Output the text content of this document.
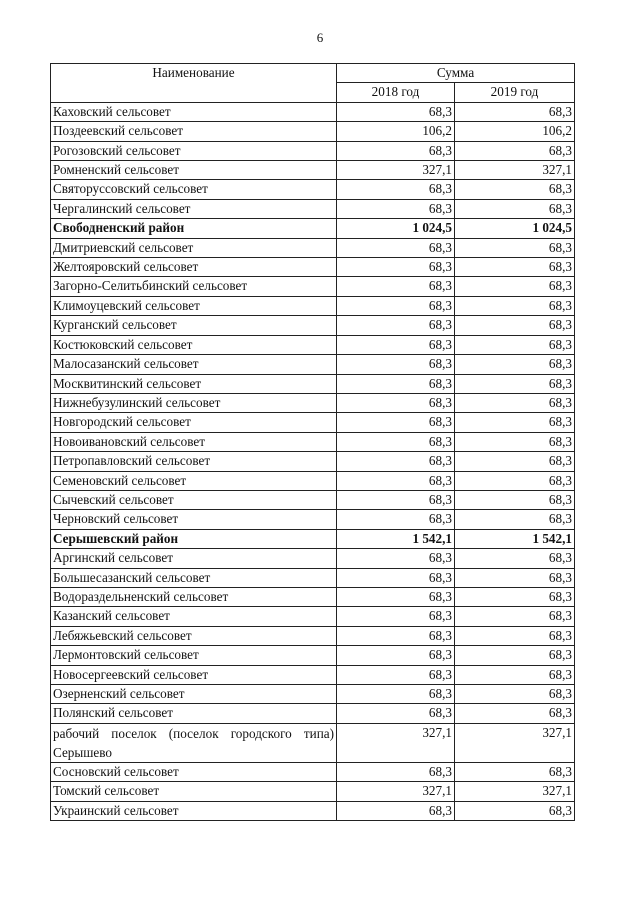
6
Наименование	Сумма	
	2018 год	2019 год
Каховский сельсовет	68,3	68,3
Поздеевский сельсовет	106,2	106,2
Рогозовский сельсовет	68,3	68,3
Ромненский сельсовет	327,1	327,1
Святорусcовский сельсовет	68,3	68,3
Чергалинский сельсовет	68,3	68,3
Свободненский район	1 024,5	1 024,5
Дмитриевский сельсовет	68,3	68,3
Желтояровский сельсовет	68,3	68,3
Загорно-Селитьбинский сельсовет	68,3	68,3
Климоуцевский сельсовет	68,3	68,3
Курганский сельсовет	68,3	68,3
Костюковский сельсовет	68,3	68,3
Малосазанский сельсовет	68,3	68,3
Москвитинский сельсовет	68,3	68,3
Нижнебузулинский сельсовет	68,3	68,3
Новгородский сельсовет	68,3	68,3
Новоивановский сельсовет	68,3	68,3
Петропавловский сельсовет	68,3	68,3
Семеновский сельсовет	68,3	68,3
Сычевский сельсовет	68,3	68,3
Черновский сельсовет	68,3	68,3
Серышевский район	1 542,1	1 542,1
Аргинский сельсовет	68,3	68,3
Большесазанский сельсовет	68,3	68,3
Водораздельненский сельсовет	68,3	68,3
Казанский сельсовет	68,3	68,3
Лебяжьевский сельсовет	68,3	68,3
Лермонтовский сельсовет	68,3	68,3
Новосергеевский сельсовет	68,3	68,3
Озерненский сельсовет	68,3	68,3
Полянский сельсовет	68,3	68,3
рабочий поселок (поселок городского типа) Серышево	327,1	327,1
Сосновский сельсовет	68,3	68,3
Томский сельсовет	327,1	327,1
Украинский сельсовет	68,3	68,3
